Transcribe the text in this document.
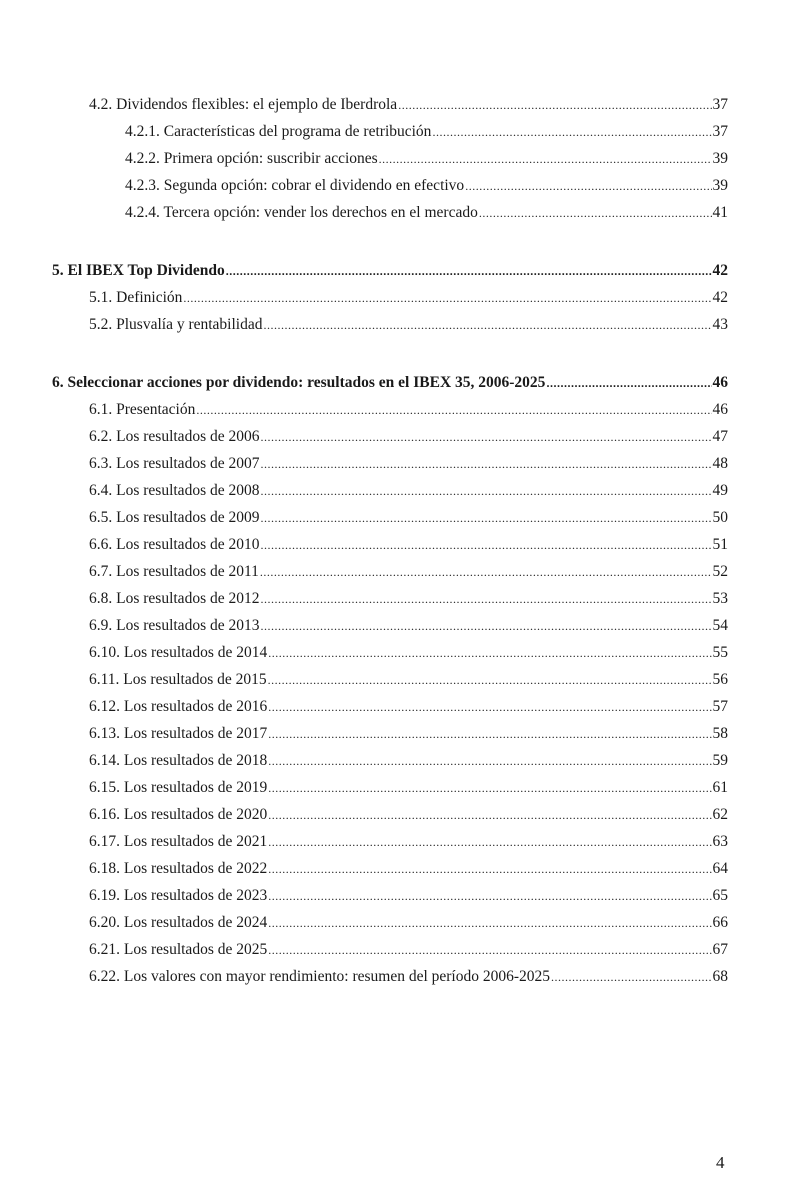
4.2. Dividendos flexibles: el ejemplo de Iberdrola .....	37
4.2.1. Características del programa de retribución .....	37
4.2.2. Primera opción: suscribir acciones .....	39
4.2.3. Segunda opción: cobrar el dividendo en efectivo .....	39
4.2.4. Tercera opción: vender los derechos en el mercado .....	41
5. El IBEX Top Dividendo .....	42
5.1. Definición .....	42
5.2. Plusvalía y rentabilidad .....	43
6. Seleccionar acciones por dividendo: resultados en el IBEX 35, 2006-2025 .....	46
6.1. Presentación .....	46
6.2. Los resultados de 2006 .....	47
6.3. Los resultados de 2007 .....	48
6.4. Los resultados de 2008 .....	49
6.5. Los resultados de 2009 .....	50
6.6. Los resultados de 2010 .....	51
6.7. Los resultados de 2011 .....	52
6.8. Los resultados de 2012 .....	53
6.9. Los resultados de 2013 .....	54
6.10. Los resultados de 2014 .....	55
6.11. Los resultados de 2015 .....	56
6.12. Los resultados de 2016 .....	57
6.13. Los resultados de 2017 .....	58
6.14. Los resultados de 2018 .....	59
6.15. Los resultados de 2019 .....	61
6.16. Los resultados de 2020 .....	62
6.17. Los resultados de 2021 .....	63
6.18. Los resultados de 2022 .....	64
6.19. Los resultados de 2023 .....	65
6.20. Los resultados de 2024 .....	66
6.21. Los resultados de 2025 .....	67
6.22. Los valores con mayor rendimiento: resumen del período 2006-2025 .....	68
4
